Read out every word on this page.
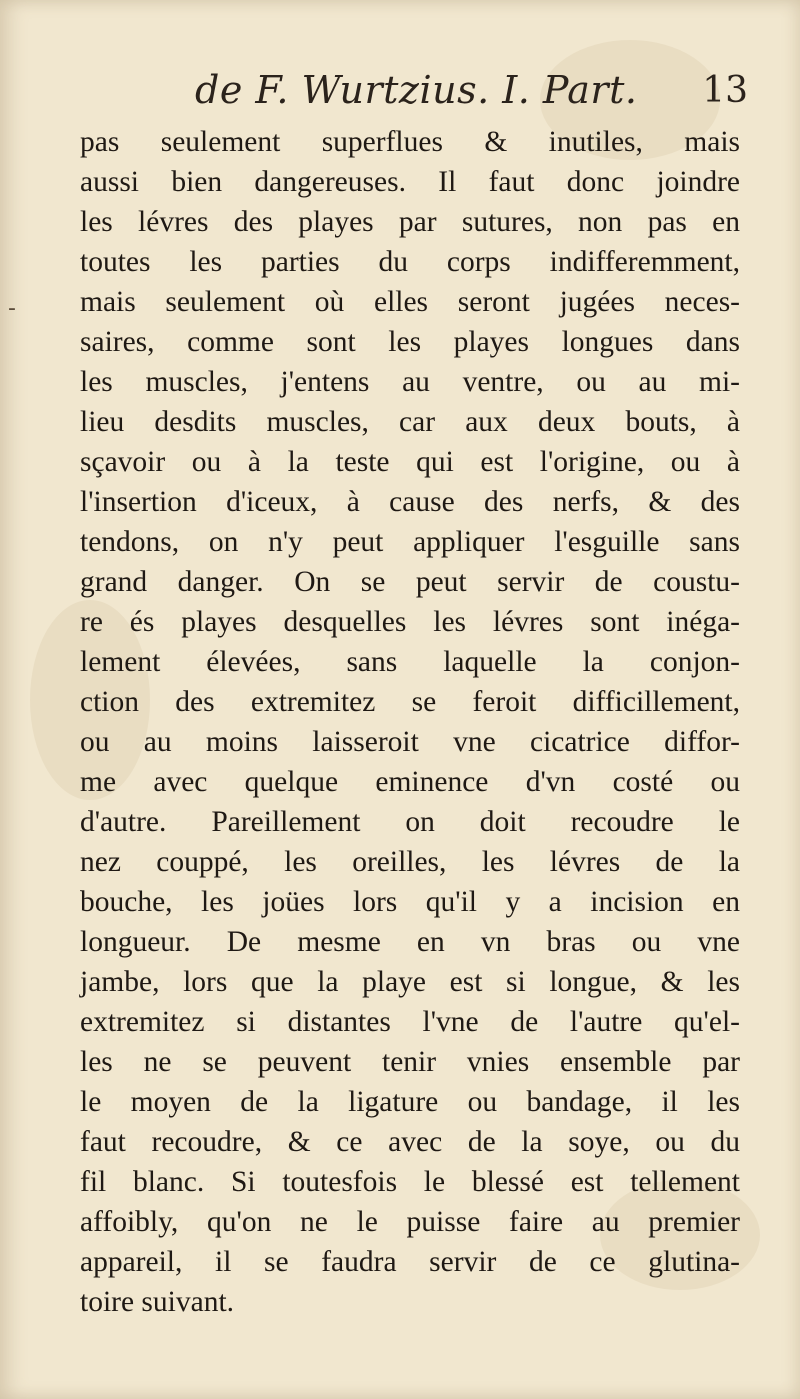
-
de F. Wurtzius. I. Part. 13
pas seulement superflues & inutiles, mais
aussi bien dangereuses. Il faut donc joindre
les lévres des playes par sutures, non pas en
toutes les parties du corps indifferemment,
mais seulement où elles seront jugées neces-
saires, comme sont les playes longues dans
les muscles, j'entens au ventre, ou au mi-
lieu desdits muscles, car aux deux bouts, à
sçavoir ou à la teste qui est l'origine, ou à
l'insertion d'iceux, à cause des nerfs, & des
tendons, on n'y peut appliquer l'esguille sans
grand danger. On se peut servir de coustu-
re és playes desquelles les lévres sont inéga-
lement élevées, sans laquelle la conjon-
ction des extremitez se feroit difficillement,
ou au moins laisseroit vne cicatrice diffor-
me avec quelque eminence d'vn costé ou
d'autre. Pareillement on doit recoudre le
nez couppé, les oreilles, les lévres de la
bouche, les joües lors qu'il y a incision en
longueur. De mesme en vn bras ou vne
jambe, lors que la playe est si longue, & les
extremitez si distantes l'vne de l'autre qu'el-
les ne se peuvent tenir vnies ensemble par
le moyen de la ligature ou bandage, il les
faut recoudre, & ce avec de la soye, ou du
fil blanc. Si toutesfois le blessé est tellement
affoibly, qu'on ne le puisse faire au premier
appareil, il se faudra servir de ce glutina-
toire suivant.
